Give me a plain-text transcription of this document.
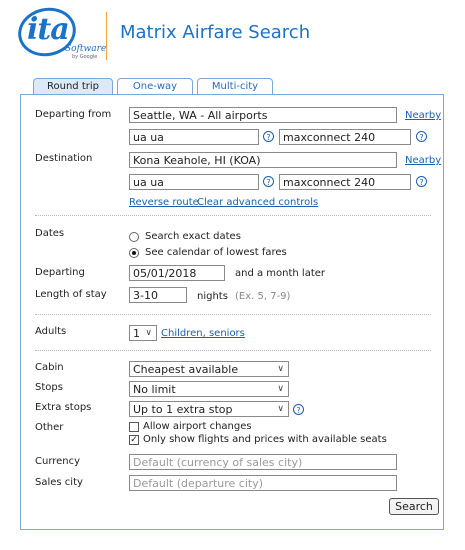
ita
Software
by Google
Matrix Airfare Search
Round trip	One-way	Multi-city
Departing from	Seattle, WA - All airports	Nearby
ua ua	?	maxconnect 240	?
Destination	Kona Keahole, HI (KOA)	Nearby
ua ua	?	maxconnect 240	?
Reverse route
Clear advanced controls
Dates	Search exact dates
See calendar of lowest fares
Departing	05/01/2018	and a month later
Length of stay	3-10	nights (Ex. 5, 7-9)
Adults	1 ∨ Children, seniors
Cabin	Cheapest available	∨
Stops	No limit	∨
Extra stops	Up to 1 extra stop	∨	?
Other	Allow airport changes
✓ Only show flights and prices with available seats
Currency	Default (currency of sales city)
Sales city	Default (departure city)
Search
